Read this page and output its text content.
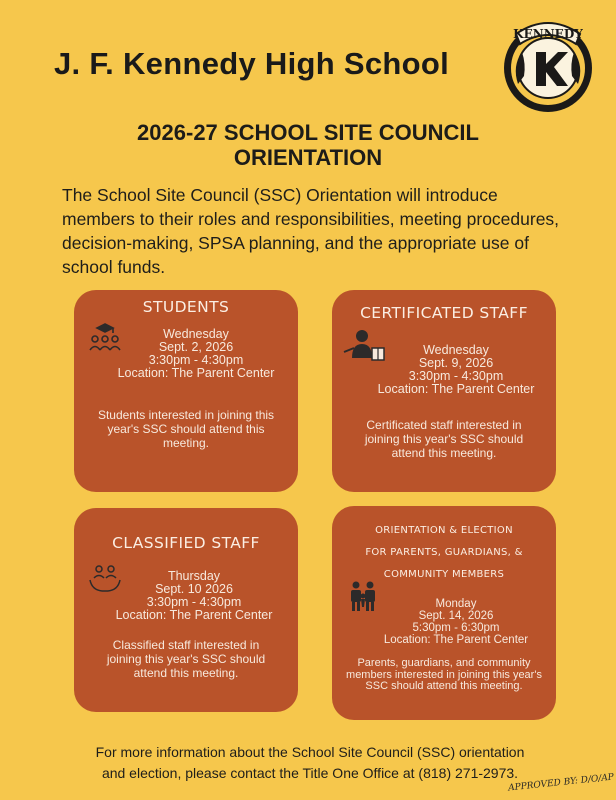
J. F. Kennedy High School
KENNEDY
2026-27 SCHOOL SITE COUNCIL
ORIENTATION
The School Site Council (SSC) Orientation will introduce members to their roles and responsibilities, meeting procedures, decision-making, SPSA planning, and the appropriate use of school funds.
STUDENTS
Wednesday
Sept. 2, 2026
3:30pm - 4:30pm
Location: The Parent Center
Students interested in joining this year's SSC should attend this meeting.
CERTIFICATED STAFF
Wednesday
Sept. 9, 2026
3:30pm - 4:30pm
Location: The Parent Center
Certificated staff interested in joining this year's SSC should attend this meeting.
CLASSIFIED STAFF
Thursday
Sept. 10 2026
3:30pm - 4:30pm
Location: The Parent Center
Classified staff interested in joining this year's SSC should attend this meeting.
ORIENTATION & ELECTION
FOR PARENTS, GUARDIANS, &
COMMUNITY MEMBERS
Monday
Sept. 14, 2026
5:30pm - 6:30pm
Location: The Parent Center
Parents, guardians, and community members interested in joining this year's SSC should attend this meeting.
For more information about the School Site Council (SSC) orientation
and election, please contact the Title One Office at (818) 271-2973.
APPROVED BY: D/O/AP
